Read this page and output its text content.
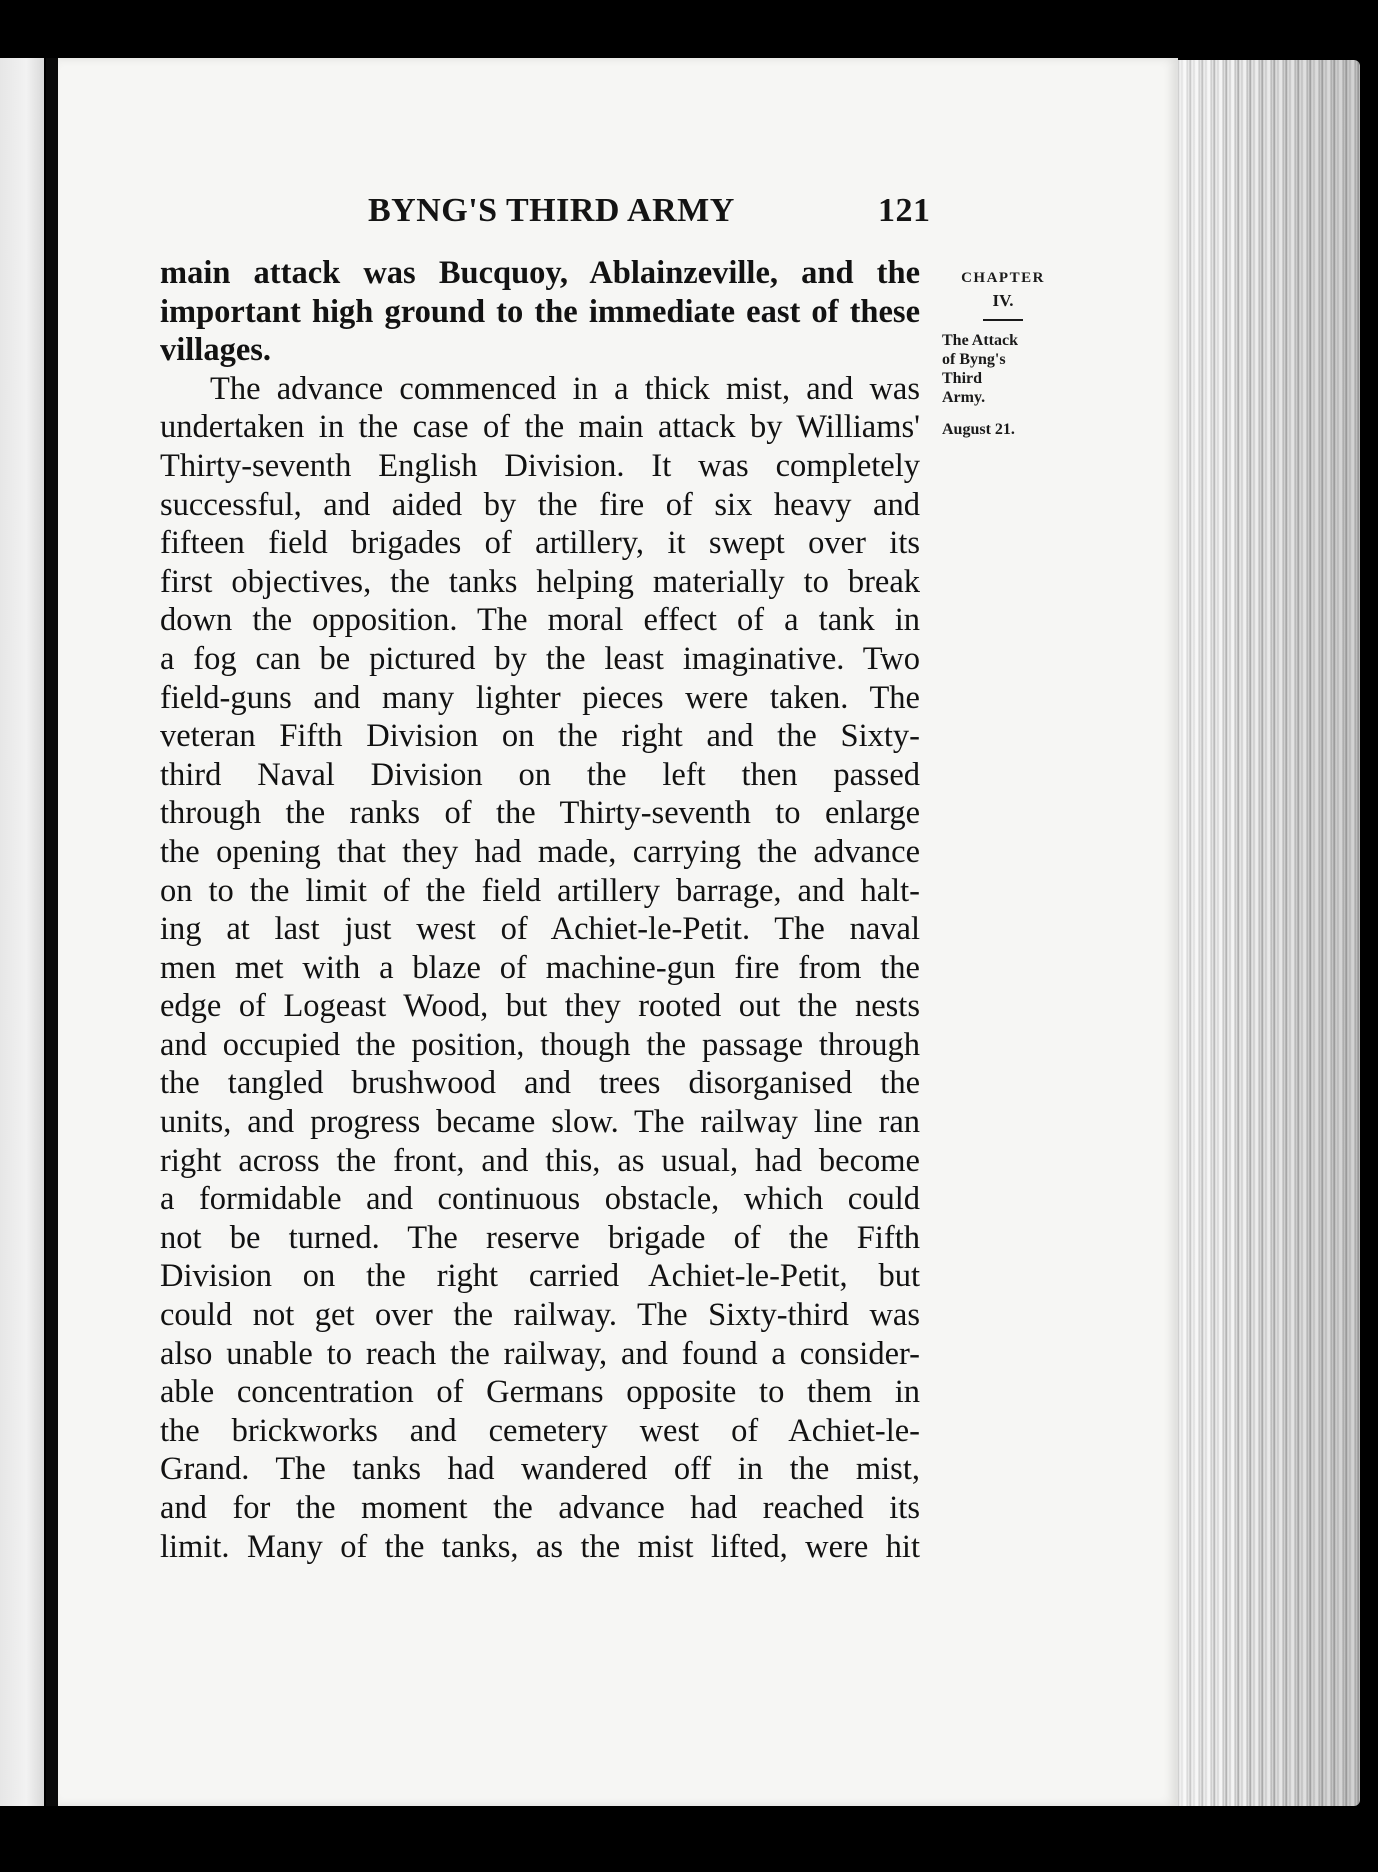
BYNG'S THIRD ARMY	121
CHAPTER
IV.
The Attack
of Byng's
Third
Army.
August 21.
main attack was Bucquoy, Ablainzeville, and the
important high ground to the immediate east of these
villages.
The advance commenced in a thick mist, and was
undertaken in the case of the main attack by Williams'
Thirty-seventh English Division. It was completely
successful, and aided by the fire of six heavy and
fifteen field brigades of artillery, it swept over its
first objectives, the tanks helping materially to break
down the opposition. The moral effect of a tank in
a fog can be pictured by the least imaginative. Two
field-guns and many lighter pieces were taken. The
veteran Fifth Division on the right and the Sixty-
third Naval Division on the left then passed
through the ranks of the Thirty-seventh to enlarge
the opening that they had made, carrying the advance
on to the limit of the field artillery barrage, and halt-
ing at last just west of Achiet-le-Petit. The naval
men met with a blaze of machine-gun fire from the
edge of Logeast Wood, but they rooted out the nests
and occupied the position, though the passage through
the tangled brushwood and trees disorganised the
units, and progress became slow. The railway line ran
right across the front, and this, as usual, had become
a formidable and continuous obstacle, which could
not be turned. The reserve brigade of the Fifth
Division on the right carried Achiet-le-Petit, but
could not get over the railway. The Sixty-third was
also unable to reach the railway, and found a consider-
able concentration of Germans opposite to them in
the brickworks and cemetery west of Achiet-le-
Grand. The tanks had wandered off in the mist,
and for the moment the advance had reached its
limit. Many of the tanks, as the mist lifted, were hit
